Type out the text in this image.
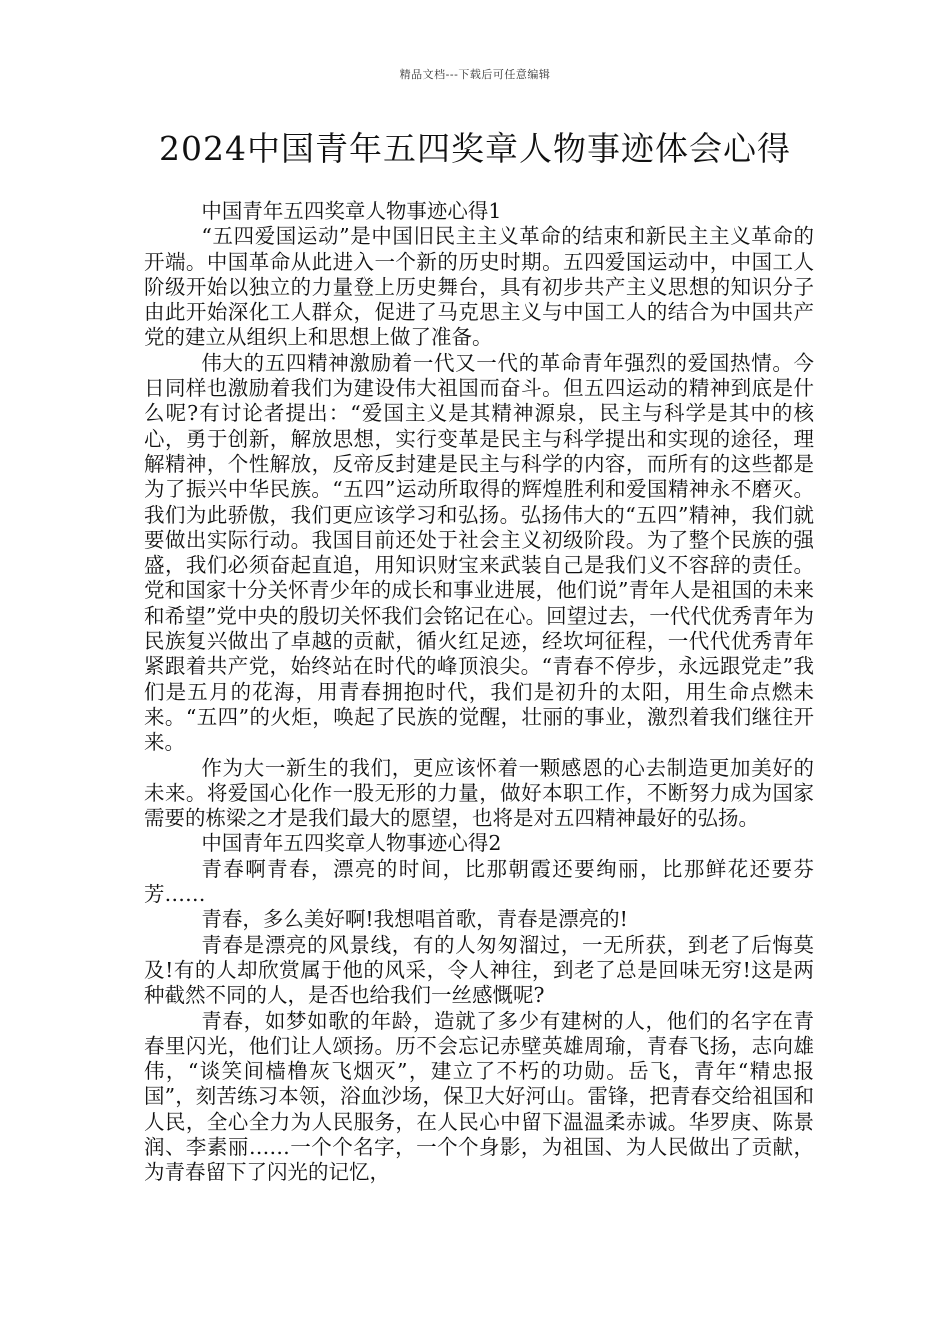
精品文档---下载后可任意编辑
2024中国青年五四奖章人物事迹体会心得

中国青年五四奖章人物事迹心得1

“五四爱国运动”是中国旧民主主义革命的结束和新民主主义革命的开端。中国革命从此进入一个新的历史时期。五四爱国运动中，中国工人阶级开始以独立的力量登上历史舞台，具有初步共产主义思想的知识分子由此开始深化工人群众，促进了马克思主义与中国工人的结合为中国共产党的建立从组织上和思想上做了准备。

伟大的五四精神激励着一代又一代的革命青年强烈的爱国热情。今日同样也激励着我们为建设伟大祖国而奋斗。但五四运动的精神到底是什么呢?有讨论者提出：“爱国主义是其精神源泉，民主与科学是其中的核心，勇于创新，解放思想，实行变革是民主与科学提出和实现的途径，理解精神，个性解放，反帝反封建是民主与科学的内容，而所有的这些都是为了振兴中华民族。“五四”运动所取得的辉煌胜利和爱国精神永不磨灭。我们为此骄傲，我们更应该学习和弘扬。弘扬伟大的“五四”精神，我们就要做出实际行动。我国目前还处于社会主义初级阶段。为了整个民族的强盛，我们必须奋起直追，用知识财宝来武装自己是我们义不容辞的责任。党和国家十分关怀青少年的成长和事业进展，他们说”青年人是祖国的未来和希望”党中央的殷切关怀我们会铭记在心。回望过去，一代代优秀青年为民族复兴做出了卓越的贡献，循火红足迹，经坎坷征程，一代代优秀青年紧跟着共产党，始终站在时代的峰顶浪尖。“青春不停步，永远跟党走”我们是五月的花海，用青春拥抱时代，我们是初升的太阳，用生命点燃未来。“五四”的火炬，唤起了民族的觉醒，壮丽的事业，激烈着我们继往开来。

作为大一新生的我们，更应该怀着一颗感恩的心去制造更加美好的未来。将爱国心化作一股无形的力量，做好本职工作，不断努力成为国家需要的栋梁之才是我们最大的愿望，也将是对五四精神最好的弘扬。

中国青年五四奖章人物事迹心得2

青春啊青春，漂亮的时间，比那朝霞还要绚丽，比那鲜花还要芬芳……

青春，多么美好啊!我想唱首歌，青春是漂亮的!

青春是漂亮的风景线，有的人匆匆溜过，一无所获，到老了后悔莫及!有的人却欣赏属于他的风采，令人神往，到老了总是回味无穷!这是两种截然不同的人，是否也给我们一丝感慨呢?

青春，如梦如歌的年龄，造就了多少有建树的人，他们的名字在青春里闪光，他们让人颂扬。历不会忘记赤壁英雄周瑜，青春飞扬，志向雄伟，“谈笑间樯橹灰飞烟灭”，建立了不朽的功勋。岳飞，青年“精忠报国”，刻苦练习本领，浴血沙场，保卫大好河山。雷锋，把青春交给祖国和人民，全心全力为人民服务，在人民心中留下温温柔赤诚。华罗庚、陈景润、李素丽……一个个名字，一个个身影，为祖国、为人民做出了贡献，为青春留下了闪光的记忆，
